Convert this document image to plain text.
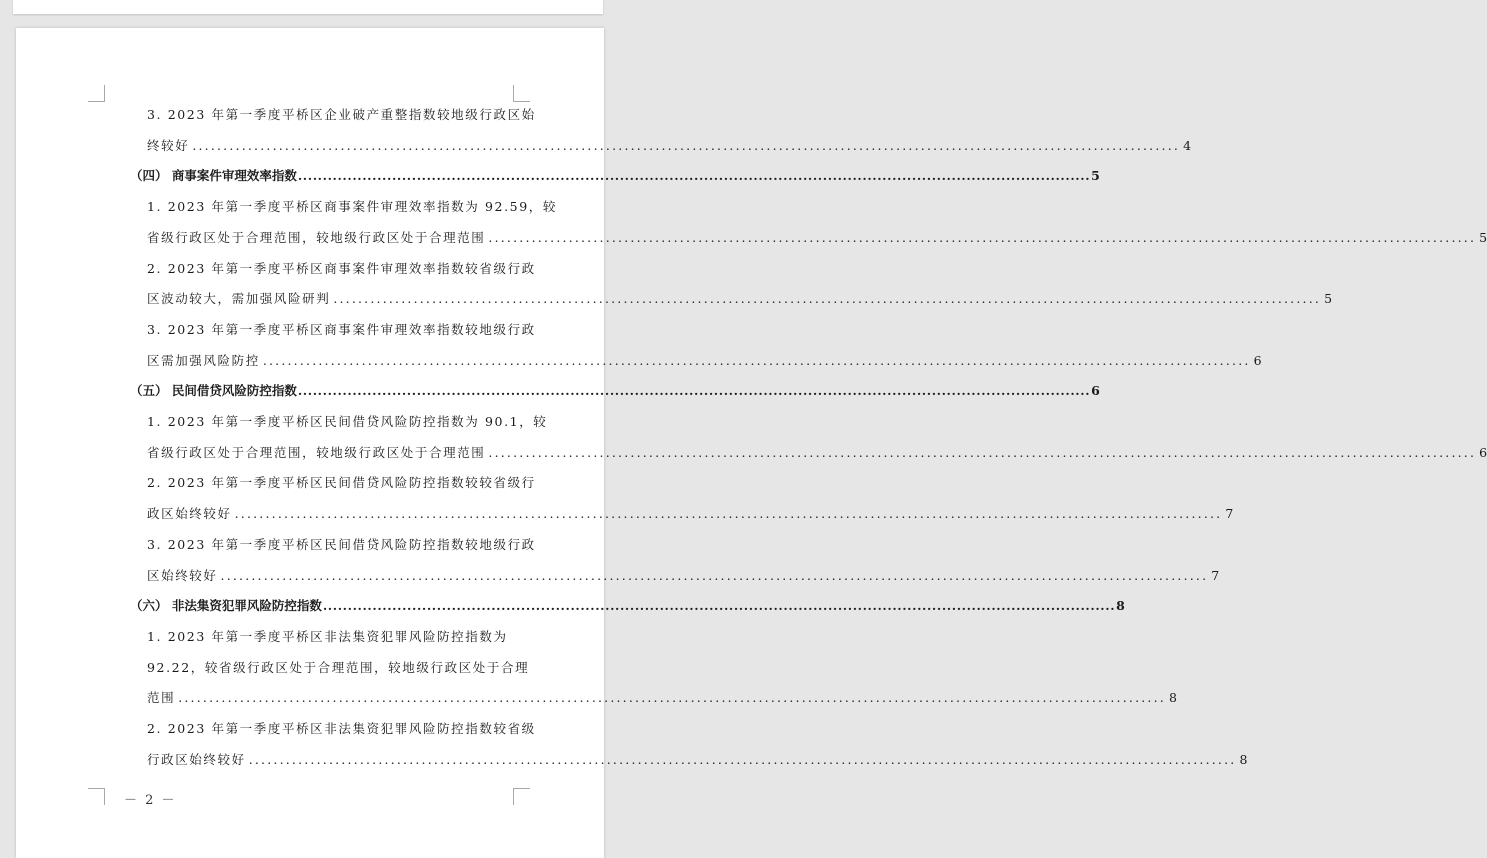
3. 2023 年第一季度平桥区企业破产重整指数较地级行政区始
终较好 .....	4
（四） 商事案件审理效率指数 .....	5
1. 2023 年第一季度平桥区商事案件审理效率指数为 92.59，较
省级行政区处于合理范围，较地级行政区处于合理范围 .....	5
2. 2023 年第一季度平桥区商事案件审理效率指数较省级行政
区波动较大，需加强风险研判 .....	5
3. 2023 年第一季度平桥区商事案件审理效率指数较地级行政
区需加强风险防控 .....	6
（五） 民间借贷风险防控指数 .....	6
1. 2023 年第一季度平桥区民间借贷风险防控指数为 90.1，较
省级行政区处于合理范围，较地级行政区处于合理范围 .....	6
2. 2023 年第一季度平桥区民间借贷风险防控指数较较省级行
政区始终较好 .....	7
3. 2023 年第一季度平桥区民间借贷风险防控指数较地级行政
区始终较好 .....	7
（六） 非法集资犯罪风险防控指数 .....	8
1. 2023 年第一季度平桥区非法集资犯罪风险防控指数为
92.22，较省级行政区处于合理范围，较地级行政区处于合理
范围 .....	8
2. 2023 年第一季度平桥区非法集资犯罪风险防控指数较省级
行政区始终较好 .....	8
－ 2 －
